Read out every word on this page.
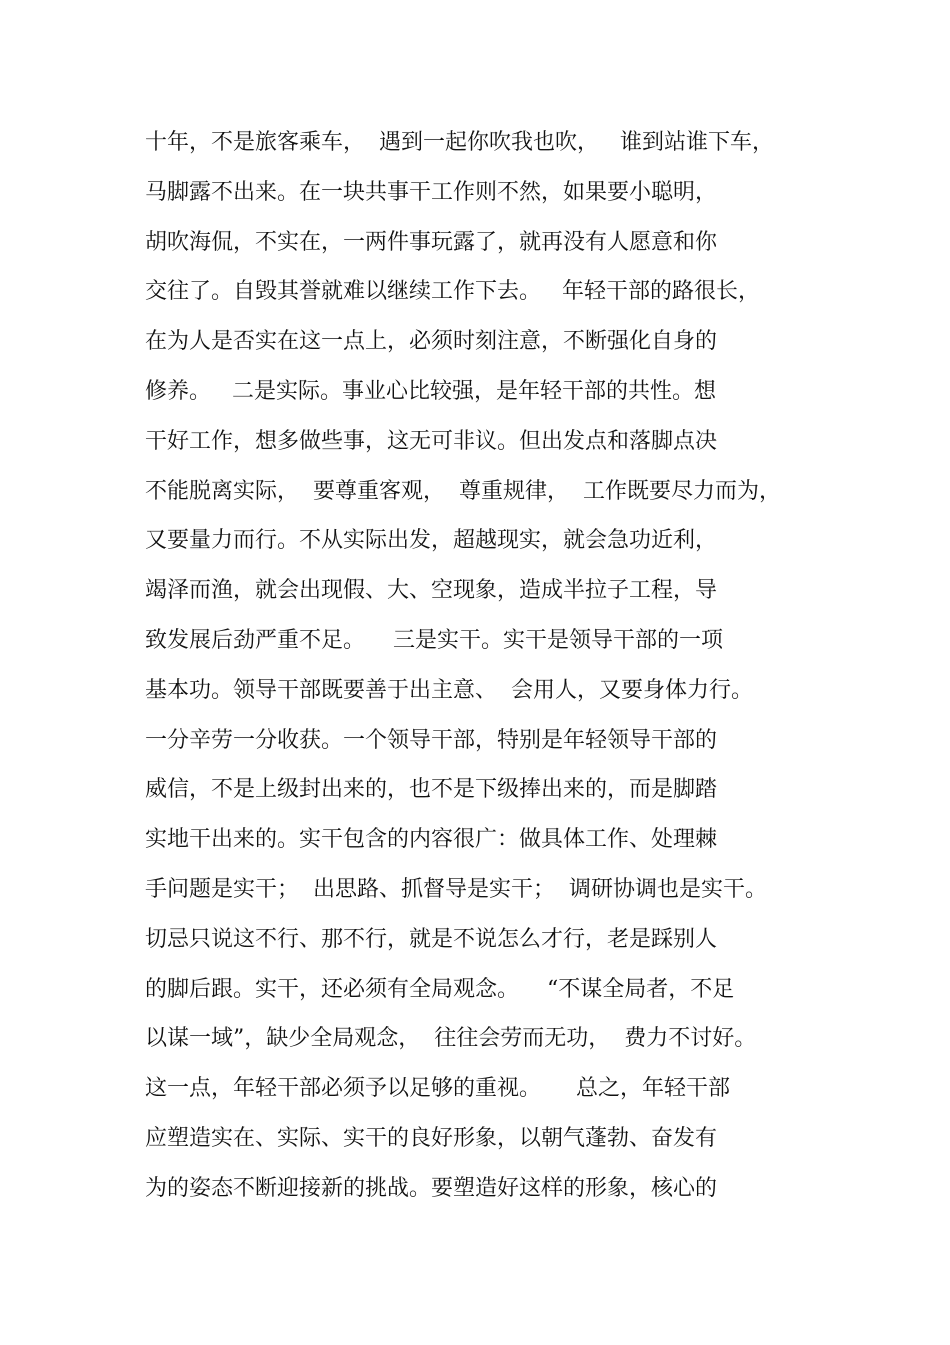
十年，不是旅客乘车，  遇到一起你吹我也吹，   谁到站谁下车，
马脚露不出来。在一块共事干工作则不然，如果要小聪明，
胡吹海侃，不实在，一两件事玩露了，就再没有人愿意和你
交往了。自毁其誉就难以继续工作下去。   年轻干部的路很长，
在为人是否实在这一点上，必须时刻注意，不断强化自身的
修养。   二是实际。事业心比较强，是年轻干部的共性。想
干好工作，想多做些事，这无可非议。但出发点和落脚点决
不能脱离实际，  要尊重客观，  尊重规律，  工作既要尽力而为，
又要量力而行。不从实际出发，超越现实，就会急功近利，
竭泽而渔，就会出现假、大、空现象，造成半拉子工程，导
致发展后劲严重不足。    三是实干。实干是领导干部的一项
基本功。领导干部既要善于出主意、  会用人，又要身体力行。
一分辛劳一分收获。一个领导干部，特别是年轻领导干部的
威信，不是上级封出来的，也不是下级捧出来的，而是脚踏
实地干出来的。实干包含的内容很广：做具体工作、处理棘
手问题是实干；  出思路、抓督导是实干；  调研协调也是实干。
切忌只说这不行、那不行，就是不说怎么才行，老是踩别人
的脚后跟。实干，还必须有全局观念。    “不谋全局者，不足
以谋一域”，缺少全局观念，  往往会劳而无功，  费力不讨好。
这一点，年轻干部必须予以足够的重视。     总之，年轻干部
应塑造实在、实际、实干的良好形象，以朝气蓬勃、奋发有
为的姿态不断迎接新的挑战。要塑造好这样的形象，核心的
